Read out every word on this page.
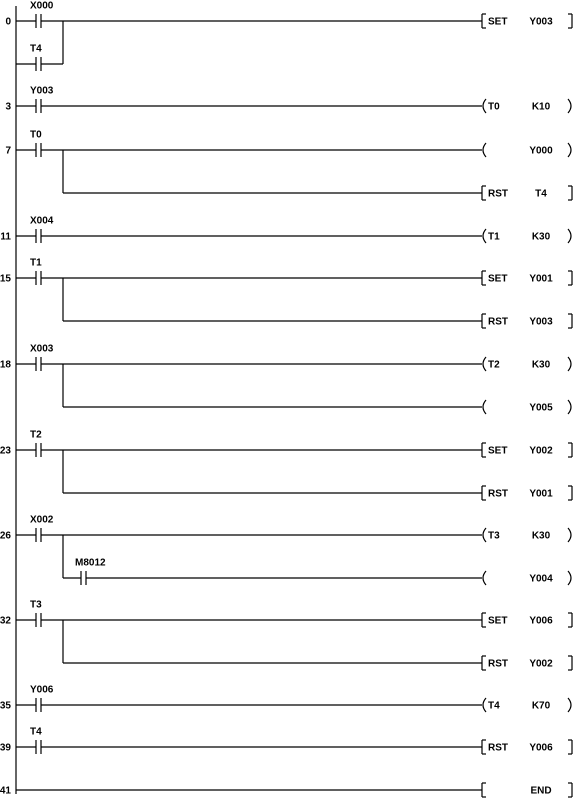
0
X000
T4
SET Y003
3
Y003
T0	K10
7
T0
Y000
RST	T4
11
X004
T1	K30
15
T1
SET Y001
RST Y003
18
X003
T2	K30
Y005
23
T2
SET Y002
RST Y001
26
X002
T3	K30
M8012
Y004
32
T3
SET Y006
RST Y002
35
Y006
T4	K70
39
T4
RST Y006
41	END
